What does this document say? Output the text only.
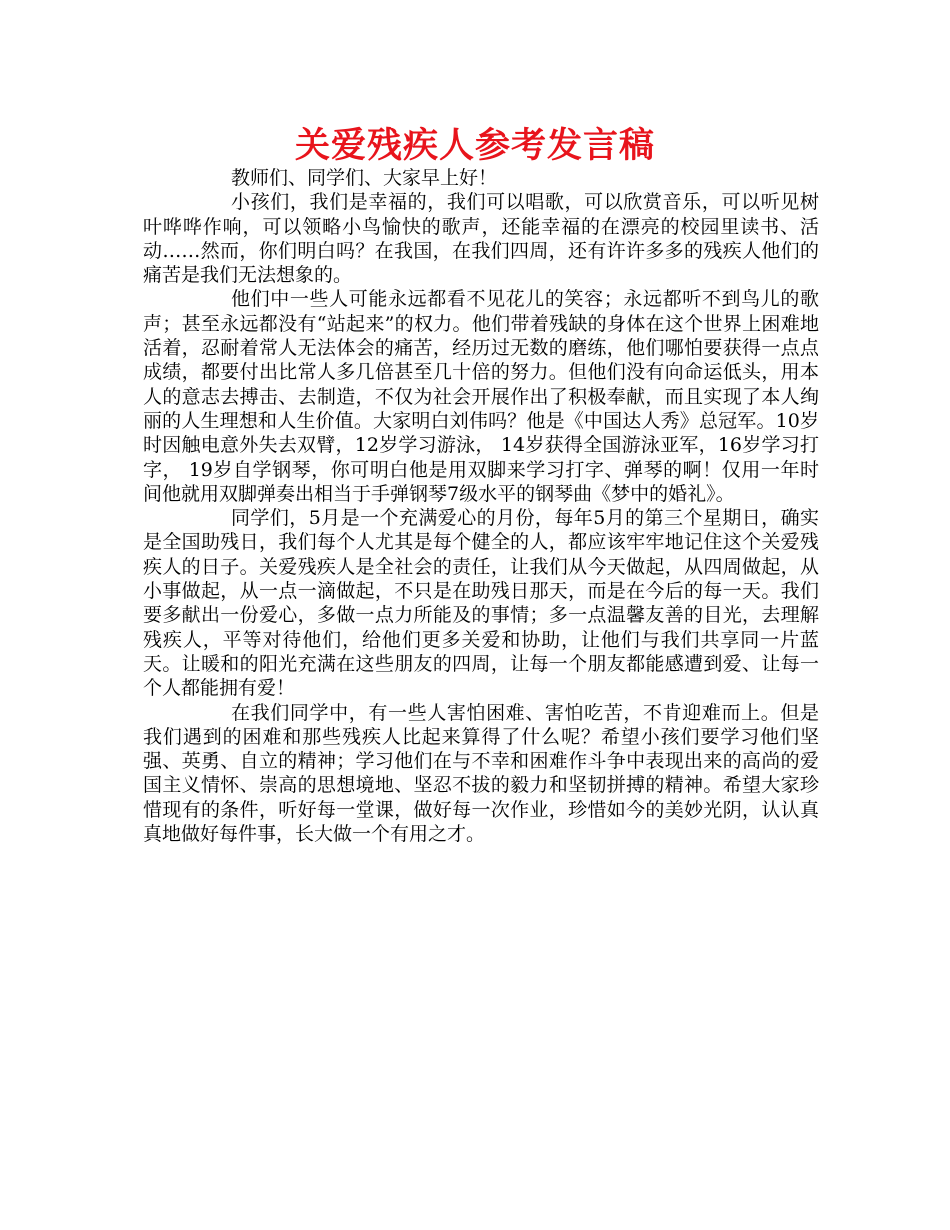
关爱残疾人参考发言稿

教师们、同学们、大家早上好！

小孩们，我们是幸福的，我们可以唱歌，可以欣赏音乐，可以听见树叶哗哗作响，可以领略小鸟愉快的歌声，还能幸福的在漂亮的校园里读书、活动……然而，你们明白吗？在我国，在我们四周，还有许许多多的残疾人他们的痛苦是我们无法想象的。

他们中一些人可能永远都看不见花儿的笑容；永远都听不到鸟儿的歌声；甚至永远都没有“站起来”的权力。他们带着残缺的身体在这个世界上困难地活着，忍耐着常人无法体会的痛苦，经历过无数的磨练，他们哪怕要获得一点点成绩，都要付出比常人多几倍甚至几十倍的努力。但他们没有向命运低头，用本人的意志去搏击、去制造，不仅为社会开展作出了积极奉献，而且实现了本人绚丽的人生理想和人生价值。大家明白刘伟吗？他是《中国达人秀》总冠军。10岁时因触电意外失去双臂，12岁学习游泳， 14岁获得全国游泳亚军，16岁学习打字， 19岁自学钢琴，你可明白他是用双脚来学习打字、弹琴的啊！仅用一年时间他就用双脚弹奏出相当于手弹钢琴7级水平的钢琴曲《梦中的婚礼》。

同学们，5月是一个充满爱心的月份，每年5月的第三个星期日，确实是全国助残日，我们每个人尤其是每个健全的人，都应该牢牢地记住这个关爱残疾人的日子。关爱残疾人是全社会的责任，让我们从今天做起，从四周做起，从小事做起，从一点一滴做起，不只是在助残日那天，而是在今后的每一天。我们要多献出一份爱心，多做一点力所能及的事情；多一点温馨友善的目光，去理解残疾人，平等对待他们，给他们更多关爱和协助，让他们与我们共享同一片蓝天。让暖和的阳光充满在这些朋友的四周，让每一个朋友都能感遭到爱、让每一个人都能拥有爱！

在我们同学中，有一些人害怕困难、害怕吃苦，不肯迎难而上。但是我们遇到的困难和那些残疾人比起来算得了什么呢？希望小孩们要学习他们坚强、英勇、自立的精神；学习他们在与不幸和困难作斗争中表现出来的高尚的爱国主义情怀、崇高的思想境地、坚忍不拔的毅力和坚韧拼搏的精神。希望大家珍惜现有的条件，听好每一堂课，做好每一次作业，珍惜如今的美妙光阴，认认真真地做好每件事，长大做一个有用之才。
